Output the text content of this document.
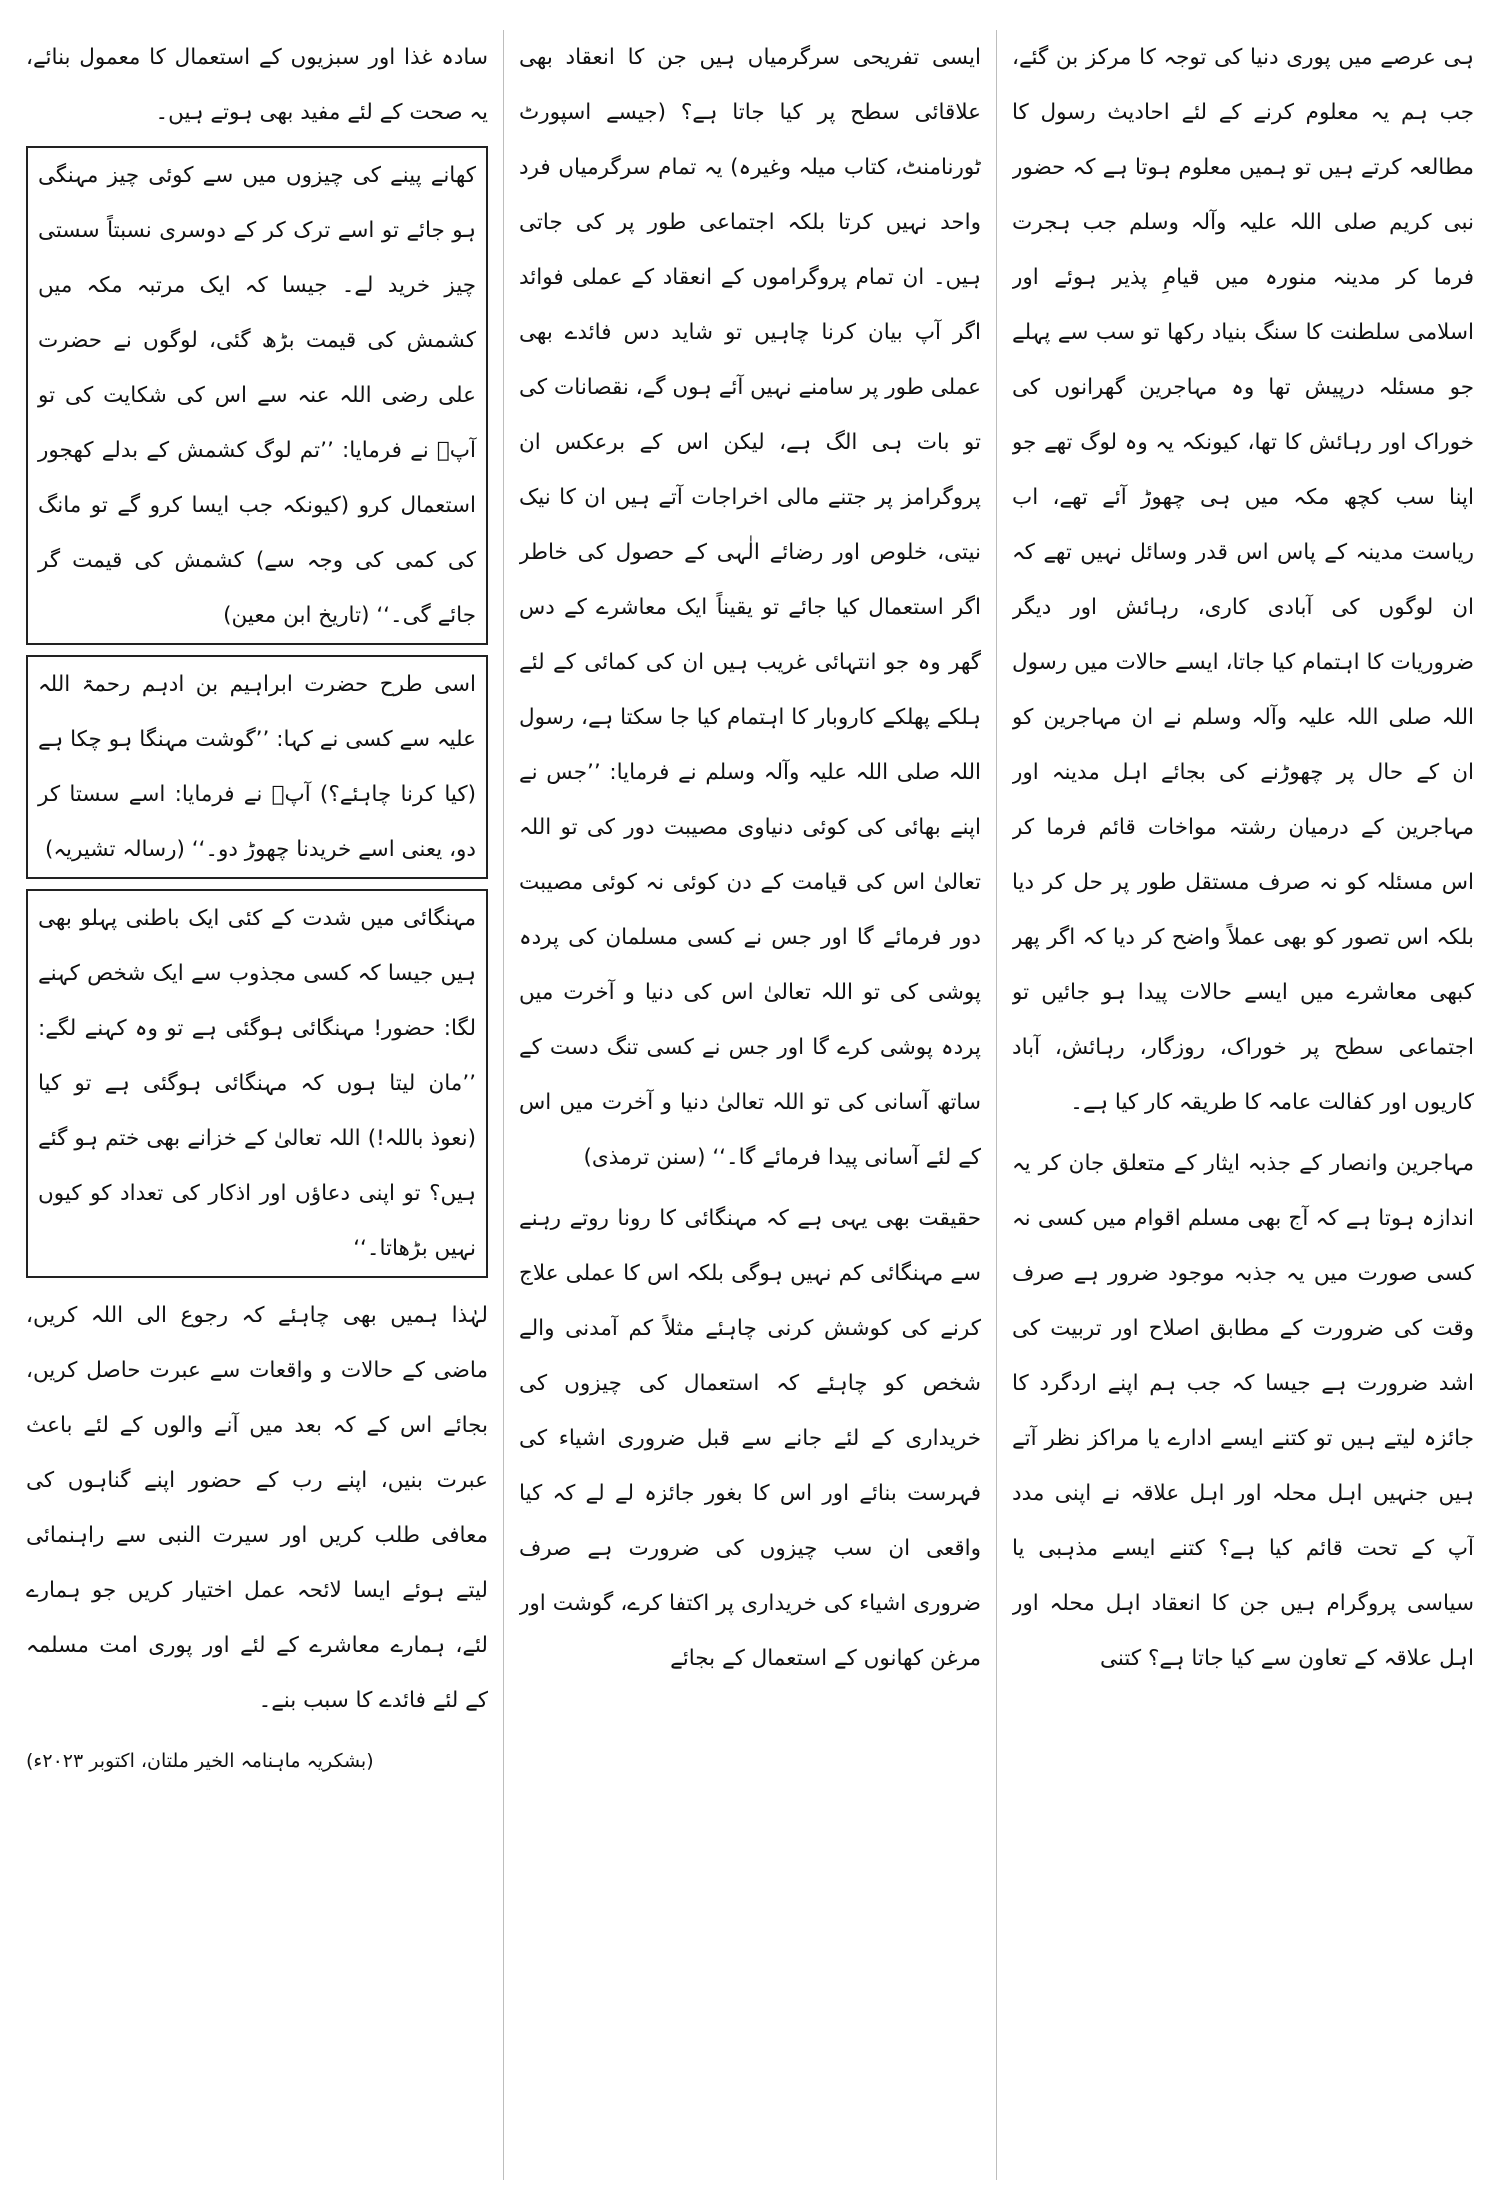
ہی عرصے میں پوری دنیا کی توجہ کا مرکز بن گئے، جب ہم یہ معلوم کرنے کے لئے احادیث رسول کا مطالعہ کرتے ہیں تو ہمیں معلوم ہوتا ہے کہ حضور نبی کریم صلی اللہ علیہ وآلہ وسلم جب ہجرت فرما کر مدینہ منورہ میں قیامِ پذیر ہوئے اور اسلامی سلطنت کا سنگ بنیاد رکھا تو سب سے پہلے جو مسئلہ درپیش تھا وہ مہاجرین گھرانوں کی خوراک اور رہائش کا تھا، کیونکہ یہ وہ لوگ تھے جو اپنا سب کچھ مکہ میں ہی چھوڑ آئے تھے، اب ریاست مدینہ کے پاس اس قدر وسائل نہیں تھے کہ ان لوگوں کی آبادی کاری، رہائش اور دیگر ضروریات کا اہتمام کیا جاتا، ایسے حالات میں رسول اللہ صلی اللہ علیہ وآلہ وسلم نے ان مہاجرین کو ان کے حال پر چھوڑنے کی بجائے اہل مدینہ اور مہاجرین کے درمیان رشتہ مواخات قائم فرما کر اس مسئلہ کو نہ صرف مستقل طور پر حل کر دیا بلکہ اس تصور کو بھی عملاً واضح کر دیا کہ اگر پھر کبھی معاشرے میں ایسے حالات پیدا ہو جائیں تو اجتماعی سطح پر خوراک، روزگار، رہائش، آباد کاریوں اور کفالت عامہ کا طریقہ کار کیا ہے۔
مہاجرین وانصار کے جذبہ ایثار کے متعلق جان کر یہ اندازہ ہوتا ہے کہ آج بھی مسلم اقوام میں کسی نہ کسی صورت میں یہ جذبہ موجود ضرور ہے صرف وقت کی ضرورت کے مطابق اصلاح اور تربیت کی اشد ضرورت ہے جیسا کہ جب ہم اپنے اردگرد کا جائزہ لیتے ہیں تو کتنے ایسے ادارے یا مراکز نظر آتے ہیں جنہیں اہل محلہ اور اہل علاقہ نے اپنی مدد آپ کے تحت قائم کیا ہے؟ کتنے ایسے مذہبی یا سیاسی پروگرام ہیں جن کا انعقاد اہل محلہ اور اہل علاقہ کے تعاون سے کیا جاتا ہے؟ کتنی
ایسی تفریحی سرگرمیاں ہیں جن کا انعقاد بھی علاقائی سطح پر کیا جاتا ہے؟ (جیسے اسپورٹ ٹورنامنٹ، کتاب میلہ وغیرہ) یہ تمام سرگرمیاں فرد واحد نہیں کرتا بلکہ اجتماعی طور پر کی جاتی ہیں۔ ان تمام پروگراموں کے انعقاد کے عملی فوائد اگر آپ بیان کرنا چاہیں تو شاید دس فائدے بھی عملی طور پر سامنے نہیں آئے ہوں گے، نقصانات کی تو بات ہی الگ ہے، لیکن اس کے برعکس ان پروگرامز پر جتنے مالی اخراجات آتے ہیں ان کا نیک نیتی، خلوص اور رضائے الٰہی کے حصول کی خاطر اگر استعمال کیا جائے تو یقیناً ایک معاشرے کے دس گھر وہ جو انتہائی غریب ہیں ان کی کمائی کے لئے ہلکے پھلکے کاروبار کا اہتمام کیا جا سکتا ہے، رسول اللہ صلی اللہ علیہ وآلہ وسلم نے فرمایا: ’’جس نے اپنے بھائی کی کوئی دنیاوی مصیبت دور کی تو اللہ تعالیٰ اس کی قیامت کے دن کوئی نہ کوئی مصیبت دور فرمائے گا اور جس نے کسی مسلمان کی پردہ پوشی کی تو اللہ تعالیٰ اس کی دنیا و آخرت میں پردہ پوشی کرے گا اور جس نے کسی تنگ دست کے ساتھ آسانی کی تو اللہ تعالیٰ دنیا و آخرت میں اس کے لئے آسانی پیدا فرمائے گا۔‘‘ (سنن ترمذی)
حقیقت بھی یہی ہے کہ مہنگائی کا رونا روتے رہنے سے مہنگائی کم نہیں ہوگی بلکہ اس کا عملی علاج کرنے کی کوشش کرنی چاہئے مثلاً کم آمدنی والے شخص کو چاہئے کہ استعمال کی چیزوں کی خریداری کے لئے جانے سے قبل ضروری اشیاء کی فہرست بنائے اور اس کا بغور جائزہ لے لے کہ کیا واقعی ان سب چیزوں کی ضرورت ہے صرف ضروری اشیاء کی خریداری پر اکتفا کرے، گوشت اور مرغن کھانوں کے استعمال کے بجائے
سادہ غذا اور سبزیوں کے استعمال کا معمول بنائے، یہ صحت کے لئے مفید بھی ہوتے ہیں۔
کھانے پینے کی چیزوں میں سے کوئی چیز مہنگی ہو جائے تو اسے ترک کر کے دوسری نسبتاً سستی چیز خرید لے۔ جیسا کہ ایک مرتبہ مکہ میں کشمش کی قیمت بڑھ گئی، لوگوں نے حضرت علی رضی اللہ عنہ سے اس کی شکایت کی تو آپؓ نے فرمایا: ’’تم لوگ کشمش کے بدلے کھجور استعمال کرو (کیونکہ جب ایسا کرو گے تو مانگ کی کمی کی وجہ سے) کشمش کی قیمت گر جائے گی۔‘‘ (تاریخ ابن معین)
اسی طرح حضرت ابراہیم بن ادہم رحمۃ اللہ علیہ سے کسی نے کہا: ’’گوشت مہنگا ہو چکا ہے (کیا کرنا چاہئے؟) آپؒ نے فرمایا: اسے سستا کر دو، یعنی اسے خریدنا چھوڑ دو۔‘‘ (رسالہ تشیریہ)
مہنگائی میں شدت کے کئی ایک باطنی پہلو بھی ہیں جیسا کہ کسی مجذوب سے ایک شخص کہنے لگا: حضور! مہنگائی ہوگئی ہے تو وہ کہنے لگے: ’’مان لیتا ہوں کہ مہنگائی ہوگئی ہے تو کیا (نعوذ باللہ!) اللہ تعالیٰ کے خزانے بھی ختم ہو گئے ہیں؟ تو اپنی دعاؤں اور اذکار کی تعداد کو کیوں نہیں بڑھاتا۔‘‘
لہٰذا ہمیں بھی چاہئے کہ رجوع الی اللہ کریں، ماضی کے حالات و واقعات سے عبرت حاصل کریں، بجائے اس کے کہ بعد میں آنے والوں کے لئے باعث عبرت بنیں، اپنے رب کے حضور اپنے گناہوں کی معافی طلب کریں اور سیرت النبی سے راہنمائی لیتے ہوئے ایسا لائحہ عمل اختیار کریں جو ہمارے لئے، ہمارے معاشرے کے لئے اور پوری امت مسلمہ کے لئے فائدے کا سبب بنے۔
(بشکریہ ماہنامہ الخیر ملتان، اکتوبر ۲۰۲۳ء)
